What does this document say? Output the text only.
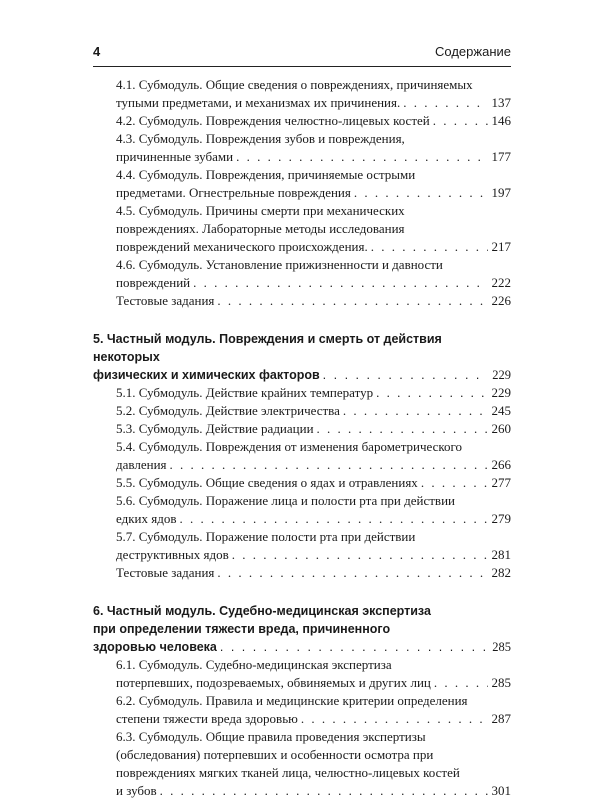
4	Содержание
4.1. Субмодуль. Общие сведения о повреждениях, причиняемых
тупыми предметами, и механизмах их причинения. . . .	137
4.2. Субмодуль. Повреждения челюстно-лицевых костей . . .	146
4.3. Субмодуль. Повреждения зубов и повреждения,
причиненные зубами . . .	177
4.4. Субмодуль. Повреждения, причиняемые острыми
предметами. Огнестрельные повреждения . . .	197
4.5. Субмодуль. Причины смерти при механических
повреждениях. Лабораторные методы исследования
повреждений механического происхождения. . . .	217
4.6. Субмодуль. Установление прижизненности и давности
повреждений . . .	222
Тестовые задания . . .	226
5. Частный модуль. Повреждения и смерть от действия некоторых
физических и химических факторов . . .	229
5.1. Субмодуль. Действие крайних температур . . .	229
5.2. Субмодуль. Действие электричества . . .	245
5.3. Субмодуль. Действие радиации . . .	260
5.4. Субмодуль. Повреждения от изменения барометрического
давления . . .	266
5.5. Субмодуль. Общие сведения о ядах и отравлениях . . .	277
5.6. Субмодуль. Поражение лица и полости рта при действии
едких ядов . . .	279
5.7. Субмодуль. Поражение полости рта при действии
деструктивных ядов . . .	281
Тестовые задания . . .	282
6. Частный модуль. Судебно-медицинская экспертиза
при определении тяжести вреда, причиненного
здоровью человека . . .	285
6.1. Субмодуль. Судебно-медицинская экспертиза
потерпевших, подозреваемых, обвиняемых и других лиц . . .	285
6.2. Субмодуль. Правила и медицинские критерии определения
степени тяжести вреда здоровью . . .	287
6.3. Субмодуль. Общие правила проведения экспертизы
(обследования) потерпевших и особенности осмотра при
повреждениях мягких тканей лица, челюстно-лицевых костей
и зубов . . .	301
